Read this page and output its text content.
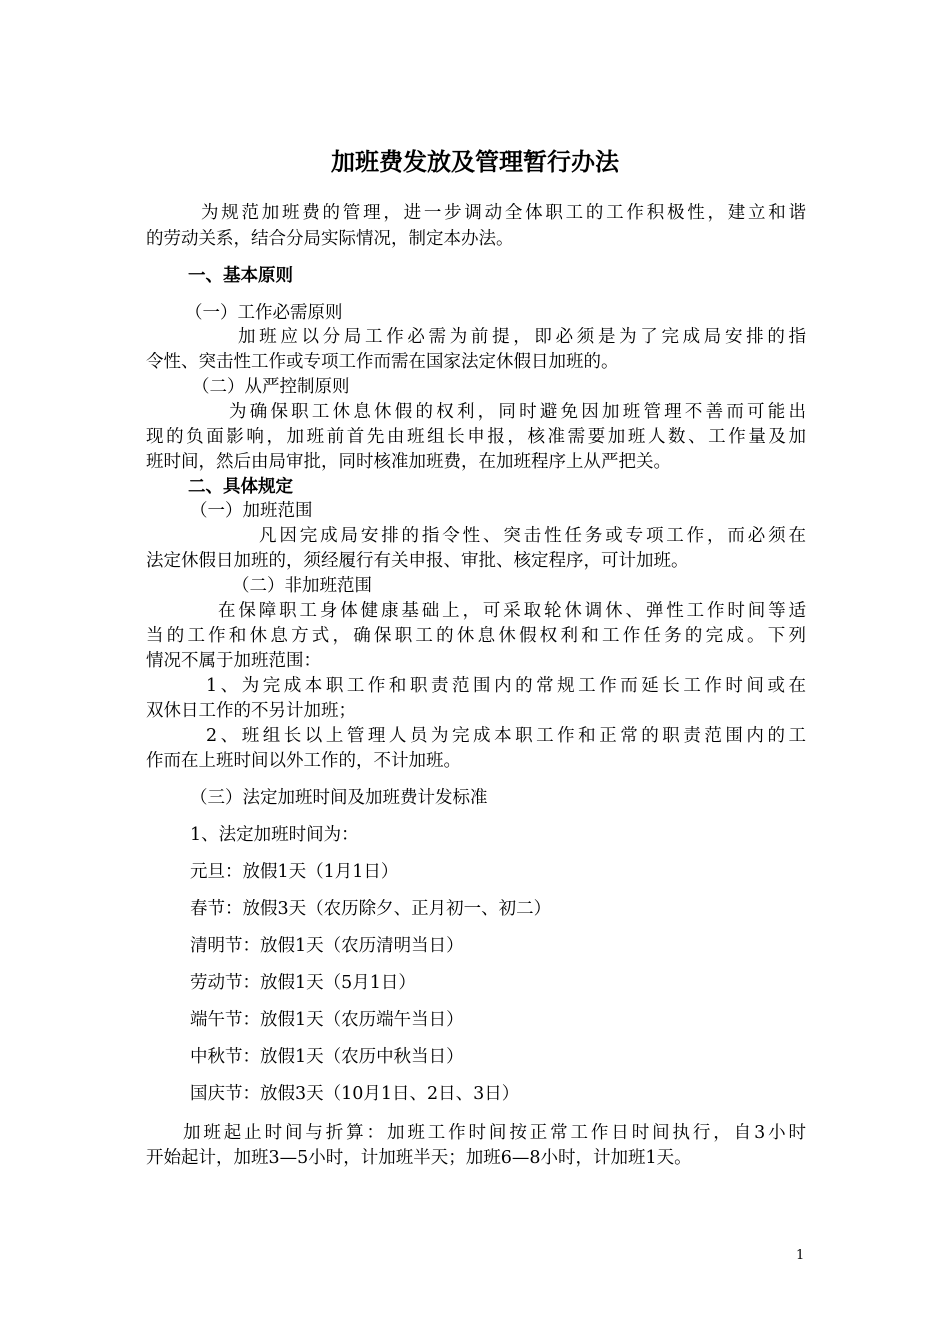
加班费发放及管理暂行办法
为规范加班费的管理，进一步调动全体职工的工作积极性，建立和谐
的劳动关系，结合分局实际情况，制定本办法。
一、基本原则
（一）工作必需原则
加班应以分局工作必需为前提，即必须是为了完成局安排的指
令性、突击性工作或专项工作而需在国家法定休假日加班的。
（二）从严控制原则
为确保职工休息休假的权利，同时避免因加班管理不善而可能出
现的负面影响，加班前首先由班组长申报，核准需要加班人数、工作量及加
班时间，然后由局审批，同时核准加班费，在加班程序上从严把关。
二、具体规定
（一）加班范围
凡因完成局安排的指令性、突击性任务或专项工作，而必须在
法定休假日加班的，须经履行有关申报、审批、核定程序，可计加班。
（二）非加班范围
在保障职工身体健康基础上，可采取轮休调休、弹性工作时间等适
当的工作和休息方式，确保职工的休息休假权利和工作任务的完成。下列
情况不属于加班范围：
1、为完成本职工作和职责范围内的常规工作而延长工作时间或在
双休日工作的不另计加班；
2、班组长以上管理人员为完成本职工作和正常的职责范围内的工
作而在上班时间以外工作的，不计加班。
（三）法定加班时间及加班费计发标准
1、法定加班时间为：
元旦：放假1天（1月1日）
春节：放假3天（农历除夕、正月初一、初二）
清明节：放假1天（农历清明当日）
劳动节：放假1天（5月1日）
端午节：放假1天（农历端午当日）
中秋节：放假1天（农历中秋当日）
国庆节：放假3天（10月1日、2日、3日）
加班起止时间与折算：加班工作时间按正常工作日时间执行，自3小时
开始起计，加班3—5小时，计加班半天；加班6—8小时，计加班1天。
1
